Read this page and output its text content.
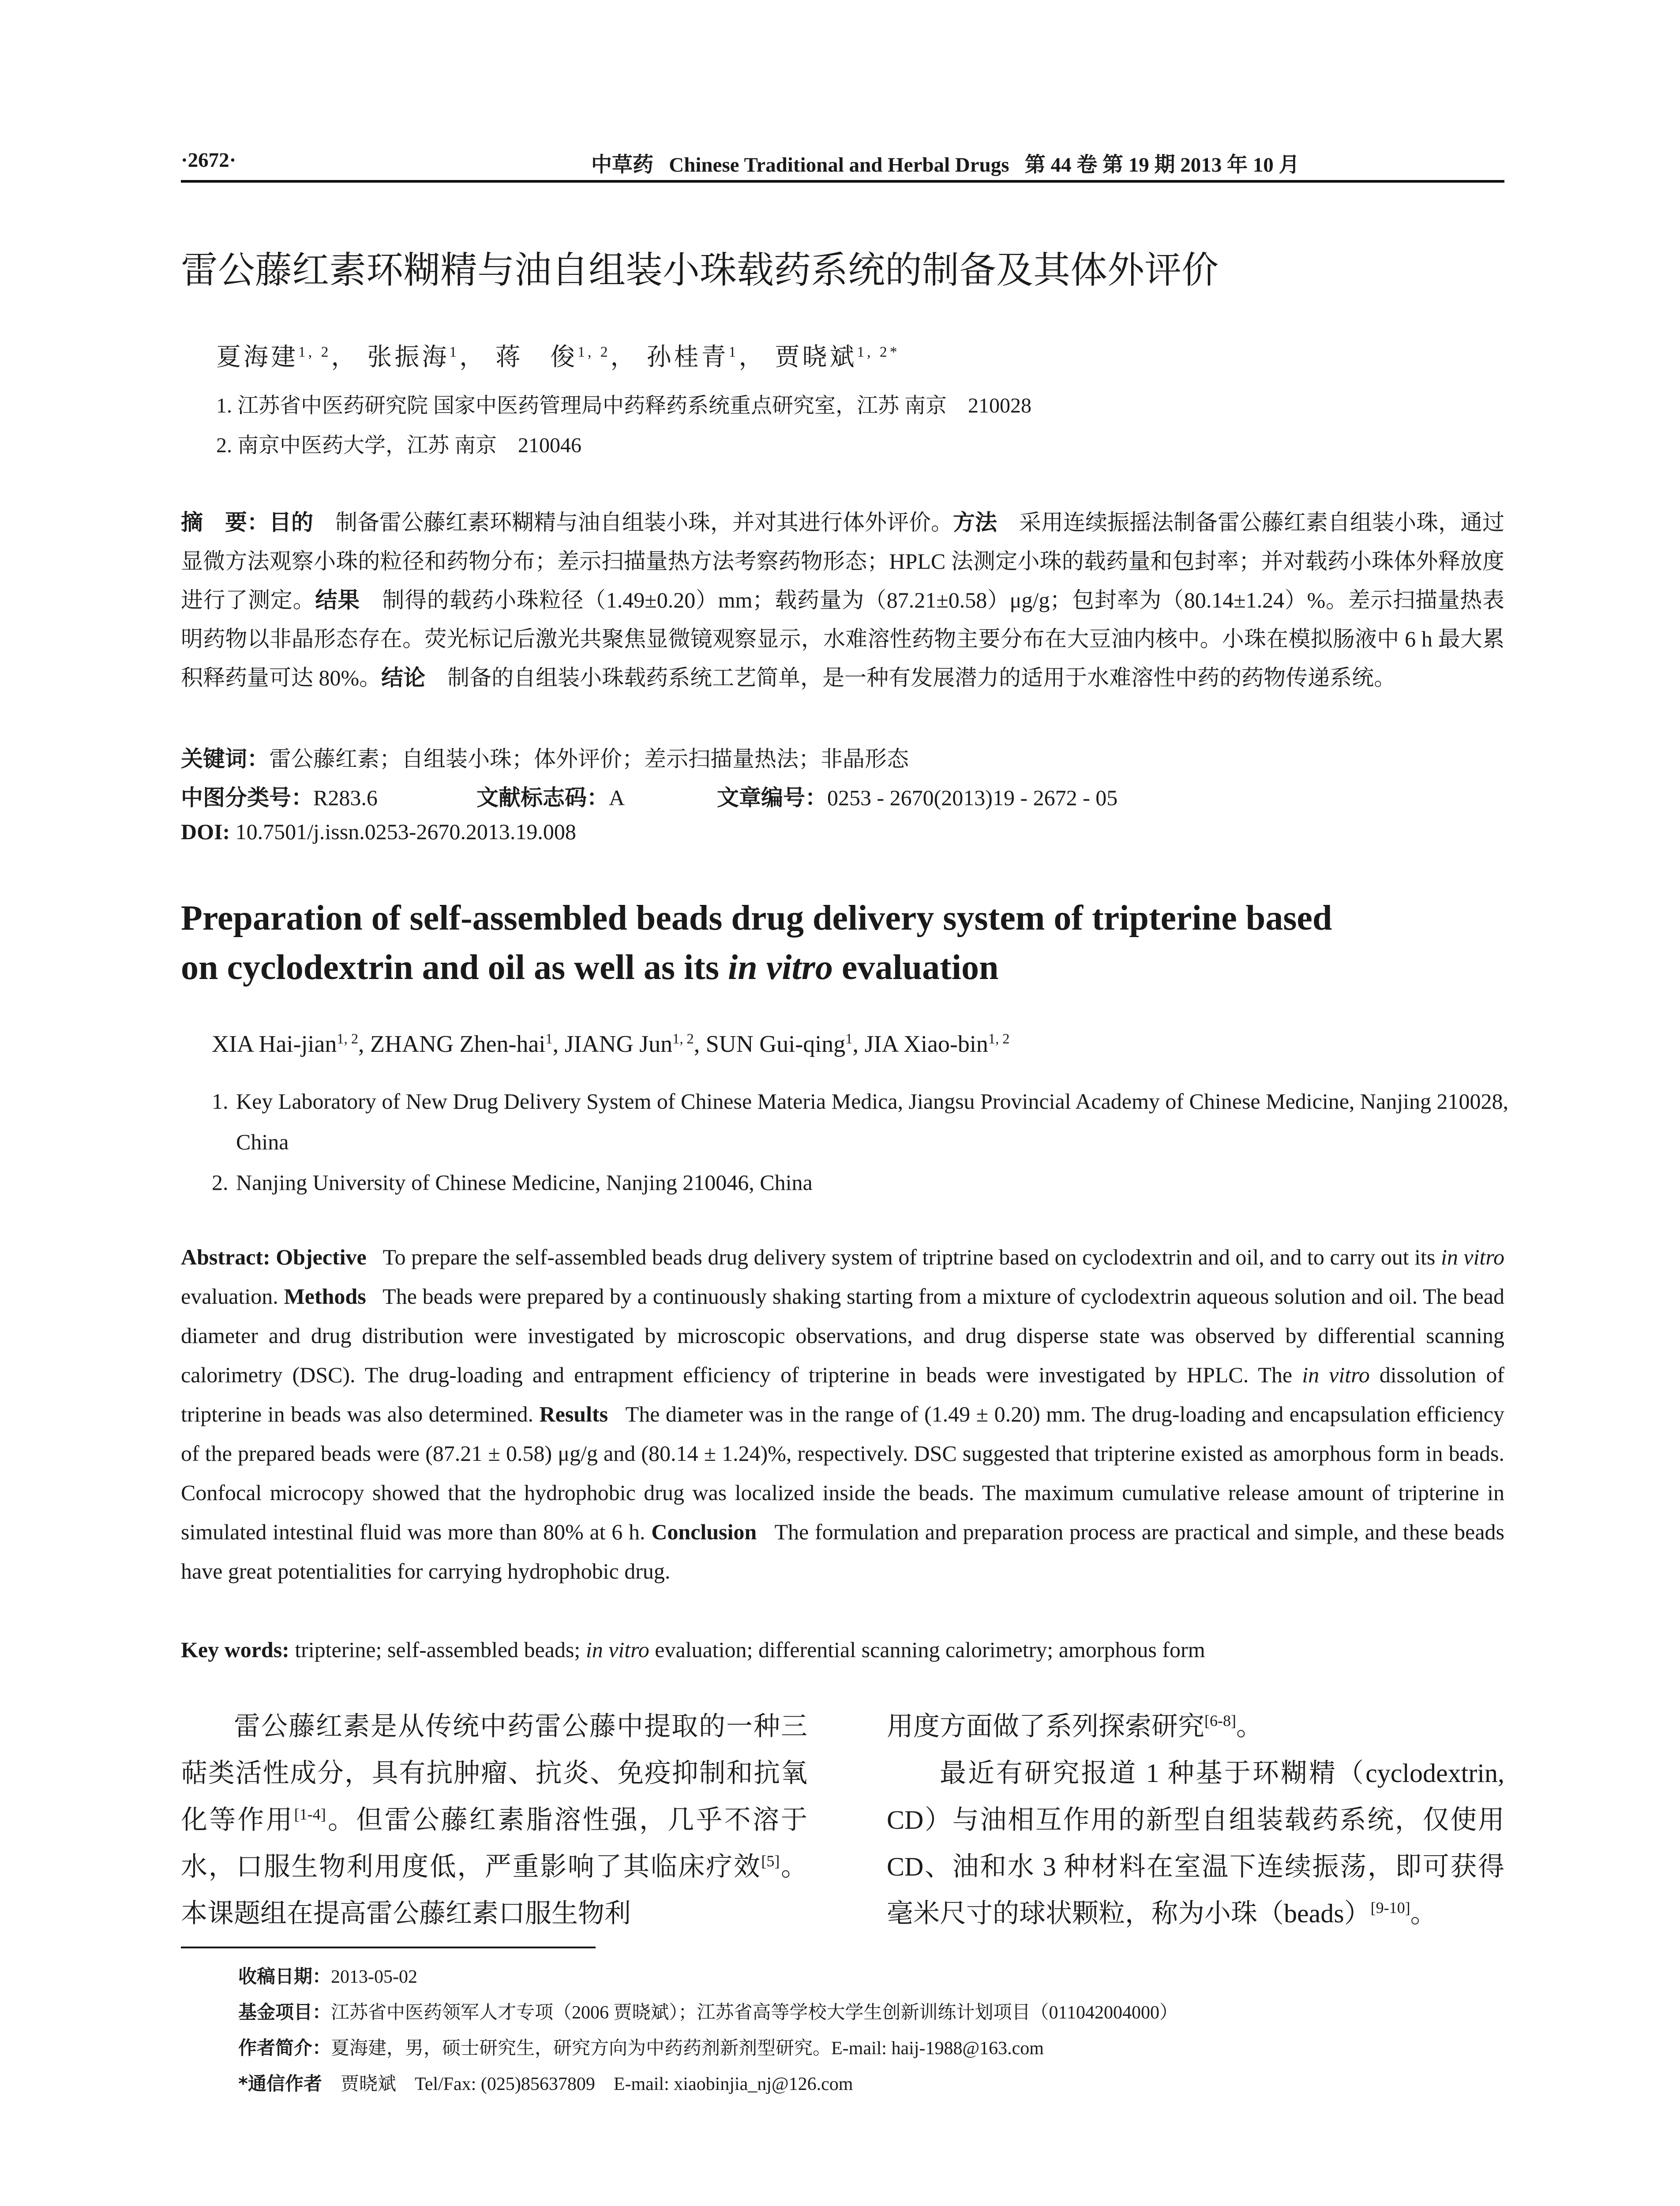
·2672·	中草药 Chinese Traditional and Herbal Drugs 第 44 卷 第 19 期 2013 年 10 月
雷公藤红素环糊精与油自组装小珠载药系统的制备及其体外评价
夏海建$^{1, 2}$， 张振海$^1$， 蒋　俊$^{1, 2}$， 孙桂青$^1$， 贾晓斌$^{1, 2*}$
1. 江苏省中医药研究院 国家中医药管理局中药释药系统重点研究室，江苏 南京　210028
2. 南京中医药大学，江苏 南京　210046
摘　要：目的　 制备雷公藤红素环糊精与油自组装小珠，并对其进行体外评价。方法　 采用连续振摇法制备雷公藤红素自组装小珠，通过显微方法观察小珠的粒径和药物分布；差示扫描量热方法考察药物形态；HPLC 法测定小珠的载药量和包封率；并对载药小珠体外释放度进行了测定。结果　 制得的载药小珠粒径（1.49±0.20）mm；载药量为（87.21±0.58）μg/g；包封率为（80.14±1.24）%。差示扫描量热表明药物以非晶形态存在。荧光标记后激光共聚焦显微镜观察显示，水难溶性药物主要分布在大豆油内核中。小珠在模拟肠液中 6 h 最大累积释药量可达 80%。结论　 制备的自组装小珠载药系统工艺简单，是一种有发展潜力的适用于水难溶性中药的药物传递系统。
关键词：雷公藤红素；自组装小珠；体外评价；差示扫描量热法；非晶形态
中图分类号：R283.6	文献标志码：A	文章编号：0253 - 2670(2013)19 - 2672 - 05
DOI: 10.7501/j.issn.0253-2670.2013.19.008
Preparation of self-assembled beads drug delivery system of tripterine based
on cyclodextrin and oil as well as its in vitro evaluation
XIA Hai-jian$^{1, 2}$, ZHANG Zhen-hai$^1$, JIANG Jun$^{1, 2}$, SUN Gui-qing$^1$, JIA Xiao-bin$^{1, 2}$
1. Key Laboratory of New Drug Delivery System of Chinese Materia Medica, Jiangsu Provincial Academy of Chinese Medicine, Nanjing 210028, China
2. Nanjing University of Chinese Medicine, Nanjing 210046, China
Abstract: Objective To prepare the self-assembled beads drug delivery system of triptrine based on cyclodextrin and oil, and to carry out its in vitro evaluation. Methods The beads were prepared by a continuously shaking starting from a mixture of cyclodextrin aqueous solution and oil. The bead diameter and drug distribution were investigated by microscopic observations, and drug disperse state was observed by differential scanning calorimetry (DSC). The drug-loading and entrapment efficiency of tripterine in beads were investigated by HPLC. The in vitro dissolution of tripterine in beads was also determined. Results The diameter was in the range of (1.49 ± 0.20) mm. The drug-loading and encapsulation efficiency of the prepared beads were (87.21 ± 0.58) μg/g and (80.14 ± 1.24)%, respectively. DSC suggested that tripterine existed as amorphous form in beads. Confocal microcopy showed that the hydrophobic drug was localized inside the beads. The maximum cumulative release amount of tripterine in simulated intestinal fluid was more than 80% at 6 h. Conclusion The formulation and preparation process are practical and simple, and these beads have great potentialities for carrying hydrophobic drug.
Key words: tripterine; self-assembled beads; in vitro evaluation; differential scanning calorimetry; amorphous form

雷公藤红素是从传统中药雷公藤中提取的一种三萜类活性成分，具有抗肿瘤、抗炎、免疫抑制和抗氧化等作用[1-4]。但雷公藤红素脂溶性强，几乎不溶于水，口服生物利用度低，严重影响了其临床疗效[5]。本课题组在提高雷公藤红素口服生物利

用度方面做了系列探索研究[6-8]。

最近有研究报道 1 种基于环糊精（cyclodextrin, CD）与油相互作用的新型自组装载药系统，仅使用 CD、油和水 3 种材料在室温下连续振荡，即可获得毫米尺寸的球状颗粒，称为小珠（beads）[9-10]。

收稿日期：2013-05-02
基金项目：江苏省中医药领军人才专项（2006 贾晓斌）；江苏省高等学校大学生创新训练计划项目（011042004000）
作者简介：夏海建，男，硕士研究生，研究方向为中药药剂新剂型研究。E-mail: haij-1988@163.com
*通信作者　贾晓斌　Tel/Fax: (025)85637809　E-mail: xiaobinjia_nj@126.com
